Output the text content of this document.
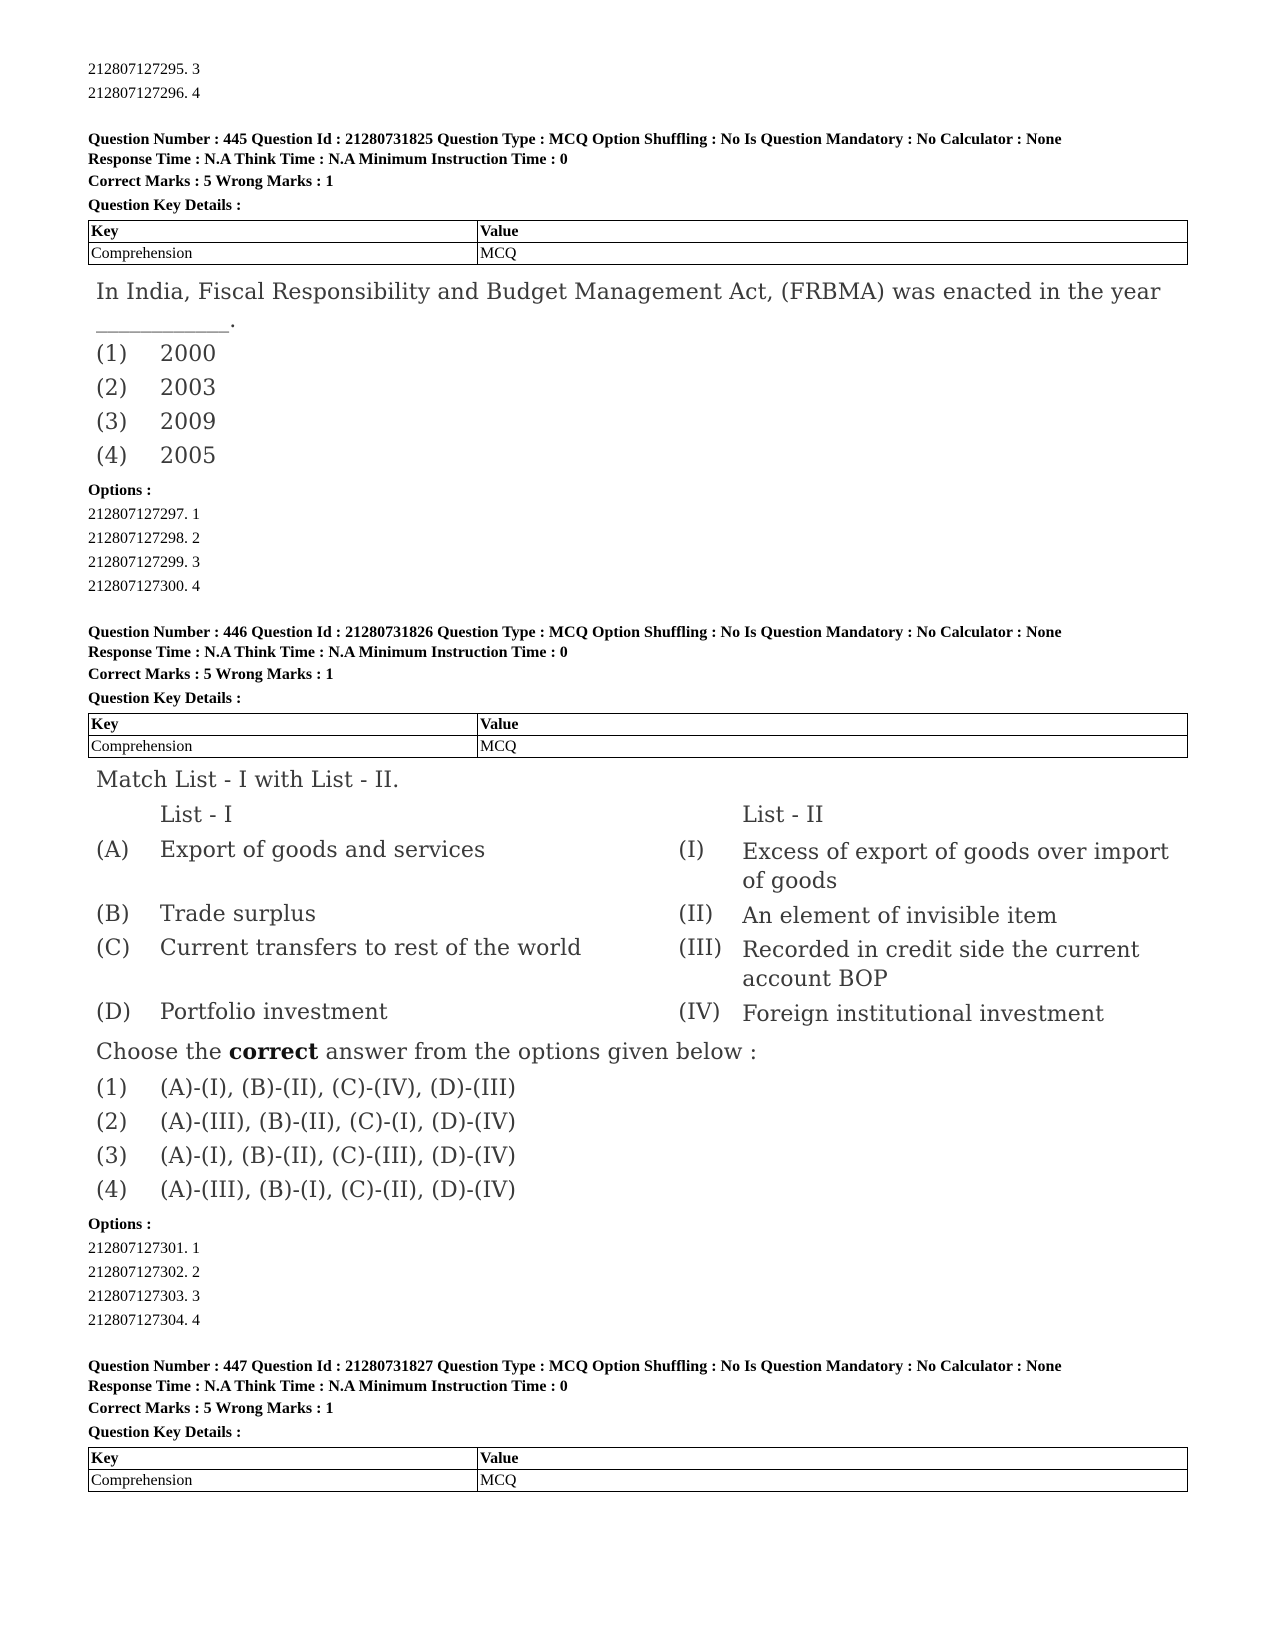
212807127295. 3
212807127296. 4
Question Number : 445 Question Id : 21280731825 Question Type : MCQ Option Shuffling : No Is Question Mandatory : No Calculator : None
Response Time : N.A Think Time : N.A Minimum Instruction Time : 0
Correct Marks : 5 Wrong Marks : 1
Question Key Details :
Key	Value
Comprehension	MCQ
In India, Fiscal Responsibility and Budget Management Act, (FRBMA) was enacted in the year
____________.
(1)	2000
(2)	2003
(3)	2009
(4)	2005
Options :
212807127297. 1
212807127298. 2
212807127299. 3
212807127300. 4
Question Number : 446 Question Id : 21280731826 Question Type : MCQ Option Shuffling : No Is Question Mandatory : No Calculator : None
Response Time : N.A Think Time : N.A Minimum Instruction Time : 0
Correct Marks : 5 Wrong Marks : 1
Question Key Details :
Key	Value
Comprehension	MCQ
Match List - I with List - II.
List - I	List - II
(A)	Export of goods and services	(I)	Excess of export of goods over import of goods
(B)	Trade surplus	(II)	An element of invisible item
(C)	Current transfers to rest of the world	(III) Recorded in credit side the current account BOP
(D)	Portfolio investment	(IV) Foreign institutional investment
Choose the correct answer from the options given below :
(1)	(A)-(I), (B)-(II), (C)-(IV), (D)-(III)
(2)	(A)-(III), (B)-(II), (C)-(I), (D)-(IV)
(3)	(A)-(I), (B)-(II), (C)-(III), (D)-(IV)
(4)	(A)-(III), (B)-(I), (C)-(II), (D)-(IV)
Options :
212807127301. 1
212807127302. 2
212807127303. 3
212807127304. 4
Question Number : 447 Question Id : 21280731827 Question Type : MCQ Option Shuffling : No Is Question Mandatory : No Calculator : None
Response Time : N.A Think Time : N.A Minimum Instruction Time : 0
Correct Marks : 5 Wrong Marks : 1
Question Key Details :
Key	Value
Comprehension	MCQ
